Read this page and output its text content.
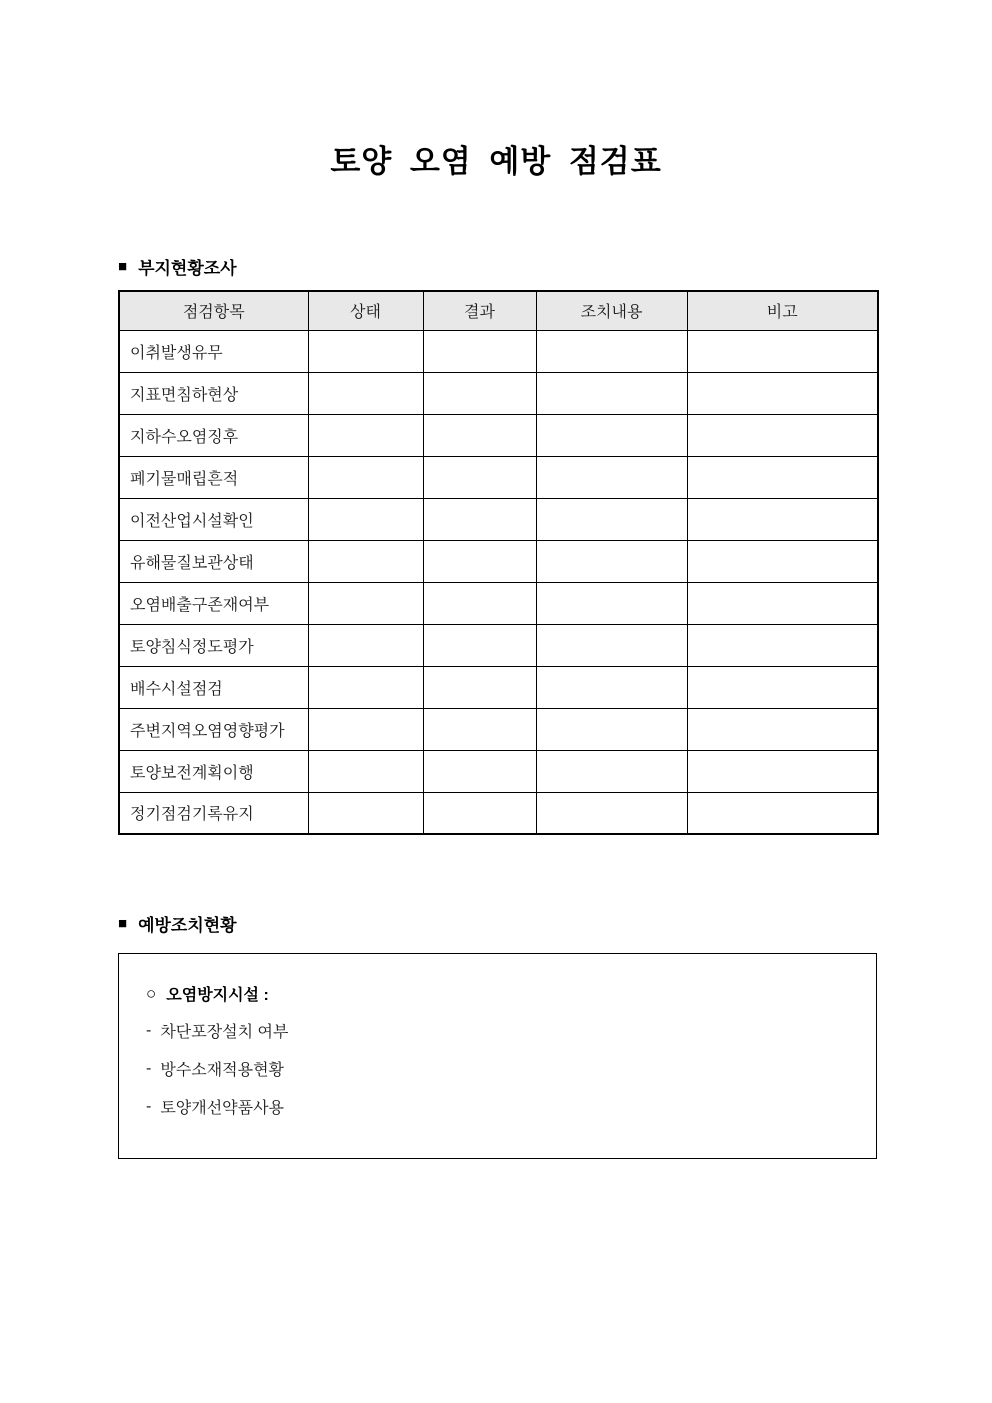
토양 오염 예방 점검표
■ 부지현황조사
점검항목	상태	결과	조치내용	비고
이취발생유무				
지표면침하현상				
지하수오염징후				
폐기물매립흔적				
이전산업시설확인				
유해물질보관상태				
오염배출구존재여부				
토양침식정도평가				
배수시설점검				
주변지역오염영향평가				
토양보전계획이행				
정기점검기록유지				
■ 예방조치현황
○ 오염방지시설 :
- 차단포장설치 여부
- 방수소재적용현황
- 토양개선약품사용
